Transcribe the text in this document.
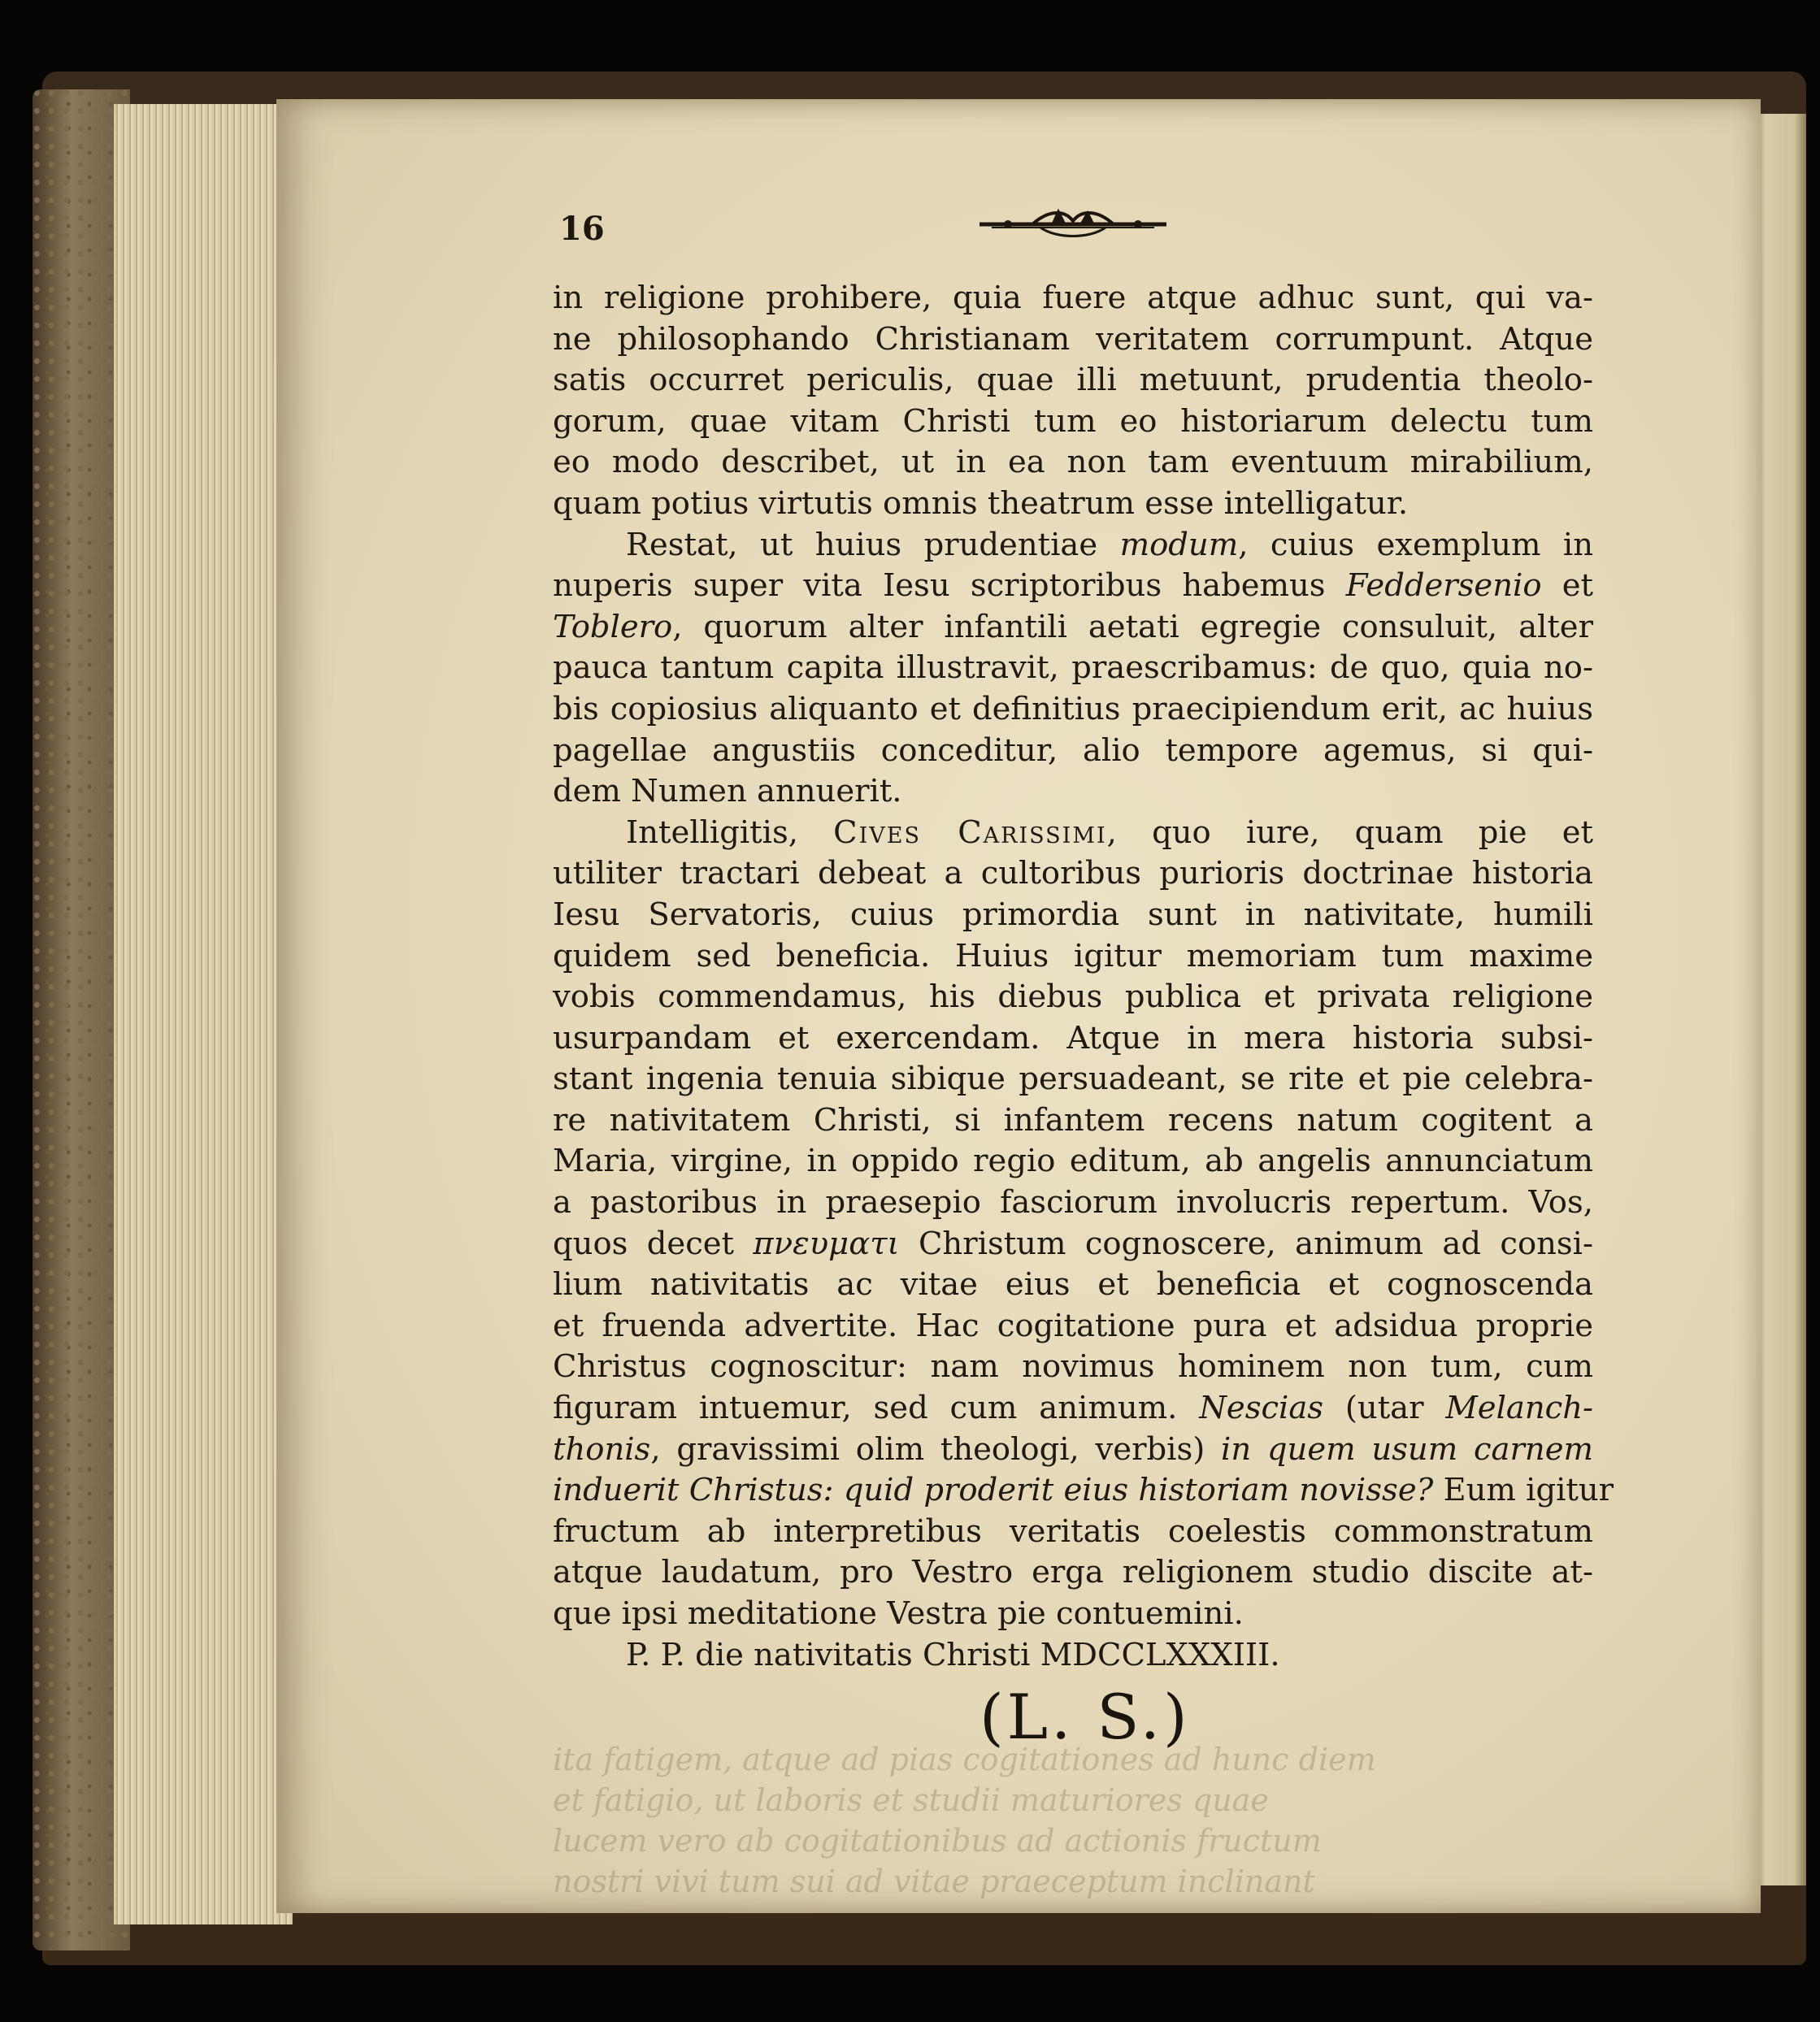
16
ita fatigem, atque ad pias cogitationes ad hunc diem
et fatigio, ut laboris et studii maturiores quae
lucem vero ab cogitationibus ad actionis fructum
nostri vivi tum sui ad vitae praeceptum inclinant
in religione prohibere, quia fuere atque adhuc sunt, qui va-
ne philosophando Christianam veritatem corrumpunt. Atque
satis occurret periculis, quae illi metuunt, prudentia theolo-
gorum, quae vitam Christi tum eo historiarum delectu tum
eo modo describet, ut in ea non tam eventuum mirabilium,
quam potius virtutis omnis theatrum esse intelligatur.
Restat, ut huius prudentiae modum, cuius exemplum in
nuperis super vita Iesu scriptoribus habemus Feddersenio et
Toblero, quorum alter infantili aetati egregie consuluit, alter
pauca tantum capita illustravit, praescribamus: de quo, quia no-
bis copiosius aliquanto et definitius praecipiendum erit, ac huius
pagellae angustiis conceditur, alio tempore agemus, si qui-
dem Numen annuerit.
Intelligitis, Cives Carissimi, quo iure, quam pie et
utiliter tractari debeat a cultoribus purioris doctrinae historia
Iesu Servatoris, cuius primordia sunt in nativitate, humili
quidem sed beneficia. Huius igitur memoriam tum maxime
vobis commendamus, his diebus publica et privata religione
usurpandam et exercendam. Atque in mera historia subsi-
stant ingenia tenuia sibique persuadeant, se rite et pie celebra-
re nativitatem Christi, si infantem recens natum cogitent a
Maria, virgine, in oppido regio editum, ab angelis annunciatum
a pastoribus in praesepio fasciorum involucris repertum. Vos,
quos decet πνευματι Christum cognoscere, animum ad consi-
lium nativitatis ac vitae eius et beneficia et cognoscenda
et fruenda advertite. Hac cogitatione pura et adsidua proprie
Christus cognoscitur: nam novimus hominem non tum, cum
figuram intuemur, sed cum animum. Nescias (utar Melanch-
thonis, gravissimi olim theologi, verbis) in quem usum carnem
induerit Christus: quid proderit eius historiam novisse? Eum igitur
fructum ab interpretibus veritatis coelestis commonstratum
atque laudatum, pro Vestro erga religionem studio discite at-
que ipsi meditatione Vestra pie contuemini.
P. P. die nativitatis Christi MDCCLXXXIII.
(L. S.)
